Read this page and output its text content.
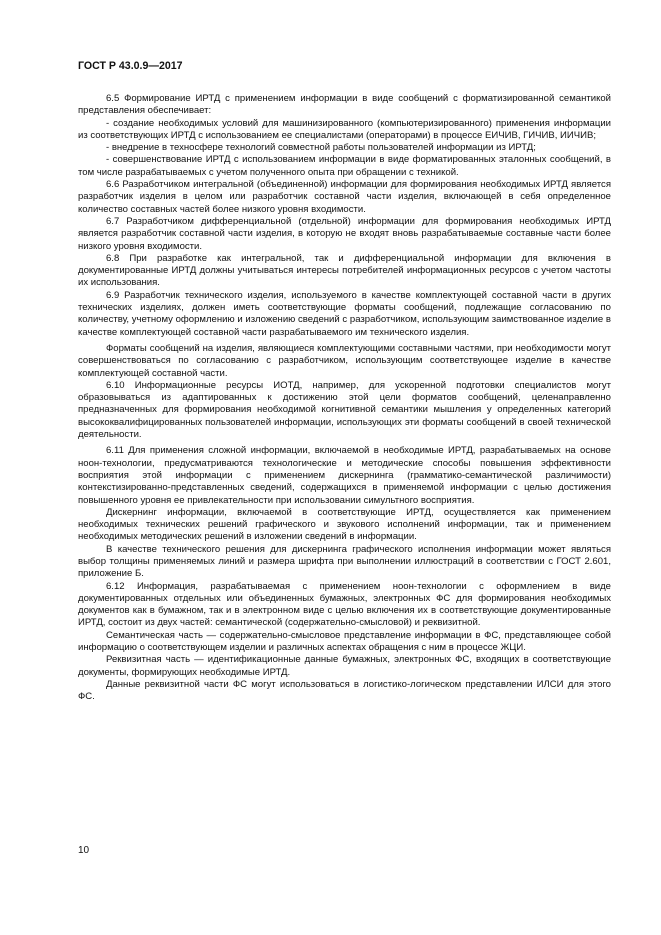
ГОСТ Р 43.0.9—2017

6.5 Формирование ИРТД с применением информации в виде сообщений с форматизированной семантикой представления обеспечивает:

- создание необходимых условий для машинизированного (компьютеризированного) применения информации из соответствующих ИРТД с использованием ее специалистами (операторами) в процессе ЕИЧИВ, ГИЧИВ, ИИЧИВ;

- внедрение в техносфере технологий совместной работы пользователей информации из ИРТД;

- совершенствование ИРТД с использованием информации в виде форматированных эталонных сообщений, в том числе разрабатываемых с учетом полученного опыта при обращении с техникой.

6.6 Разработчиком интегральной (объединенной) информации для формирования необходимых ИРТД является разработчик изделия в целом или разработчик составной части изделия, включающей в себя определенное количество составных частей более низкого уровня входимости.

6.7 Разработчиком дифференциальной (отдельной) информации для формирования необходимых ИРТД является разработчик составной части изделия, в которую не входят вновь разрабатываемые составные части более низкого уровня входимости.

6.8 При разработке как интегральной, так и дифференциальной информации для включения в документированные ИРТД должны учитываться интересы потребителей информационных ресурсов с учетом частоты их использования.

6.9 Разработчик технического изделия, используемого в качестве комплектующей составной части в других технических изделиях, должен иметь соответствующие форматы сообщений, подлежащие согласованию по количеству, учетному оформлению и изложению сведений с разработчиком, использующим заимствованное изделие в качестве комплектующей составной части разрабатываемого им технического изделия.

Форматы сообщений на изделия, являющиеся комплектующими составными частями, при необходимости могут совершенствоваться по согласованию с разработчиком, использующим соответствующее изделие в качестве комплектующей составной части.

6.10 Информационные ресурсы ИОТД, например, для ускоренной подготовки специалистов могут образовываться из адаптированных к достижению этой цели форматов сообщений, целенаправленно предназначенных для формирования необходимой когнитивной семантики мышления у определенных категорий высококвалифицированных пользователей информации, использующих эти форматы сообщений в своей технической деятельности.

6.11 Для применения сложной информации, включаемой в необходимые ИРТД, разрабатываемых на основе ноон-технологии, предусматриваются технологические и методические способы повышения эффективности восприятия этой информации с применением дискернинга (грамматико-семантической различимости) контекстизированно-представленных сведений, содержащихся в применяемой информации с целью достижения повышенного уровня ее привлекательности при использовании симультного восприятия.

Дискернинг информации, включаемой в соответствующие ИРТД, осуществляется как применением необходимых технических решений графического и звукового исполнений информации, так и применением необходимых методических решений в изложении сведений в информации.

В качестве технического решения для дискернинга графического исполнения информации может являться выбор толщины применяемых линий и размера шрифта при выполнении иллюстраций в соответствии с ГОСТ 2.601, приложение Б.

6.12 Информация, разрабатываемая с применением ноон-технологии с оформлением в виде документированных отдельных или объединенных бумажных, электронных ФС для формирования необходимых документов как в бумажном, так и в электронном виде с целью включения их в соответствующие документированные ИРТД, состоит из двух частей: семантической (содержательно-смысловой) и реквизитной.

Семантическая часть — содержательно-смысловое представление информации в ФС, представляющее собой информацию о соответствующем изделии и различных аспектах обращения с ним в процессе ЖЦИ.

Реквизитная часть — идентификационные данные бумажных, электронных ФС, входящих в соответствующие документы, формирующих необходимые ИРТД.

Данные реквизитной части ФС могут использоваться в логистико-логическом представлении ИЛСИ для этого ФС.

10
